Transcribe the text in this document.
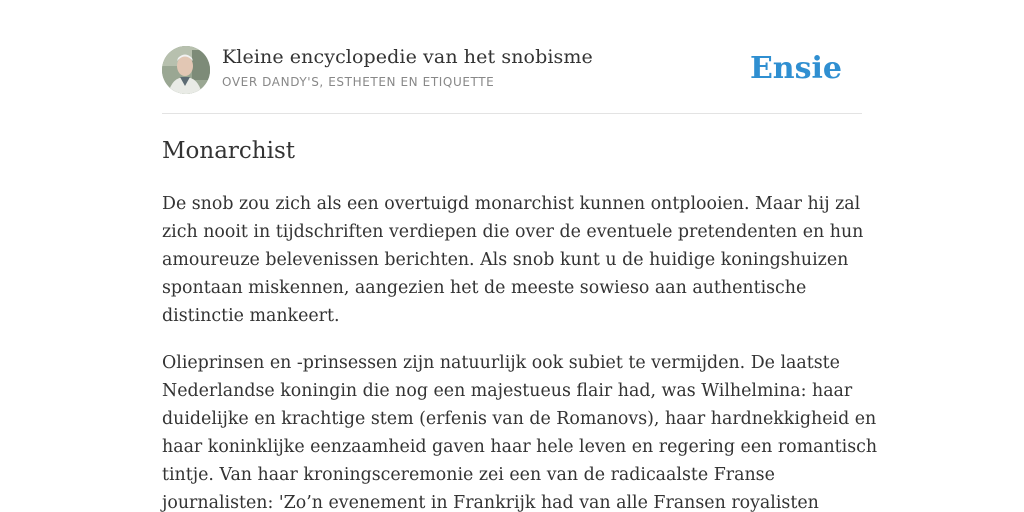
Kleine encyclopedie van het snobisme
OVER DANDY'S, ESTHETEN EN ETIQUETTE	Ensie
Monarchist

De snob zou zich als een overtuigd monarchist kunnen ontplooien. Maar hij zal
zich nooit in tijdschriften verdiepen die over de eventuele pretendenten en hun
amoureuze belevenissen berichten. Als snob kunt u de huidige koningshuizen
spontaan miskennen, aangezien het de meeste sowieso aan authentische
distinctie mankeert.

Olieprinsen en -prinsessen zijn natuurlijk ook subiet te vermijden. De laatste
Nederlandse koningin die nog een majestueus flair had, was Wilhelmina: haar
duidelijke en krachtige stem (erfenis van de Romanovs), haar hardnekkigheid en
haar koninklijke eenzaamheid gaven haar hele leven en regering een romantisch
tintje. Van haar kroningsceremonie zei een van de radicaalste Franse
journalisten: 'Zo’n evenement in Frankrijk had van alle Fransen royalisten
